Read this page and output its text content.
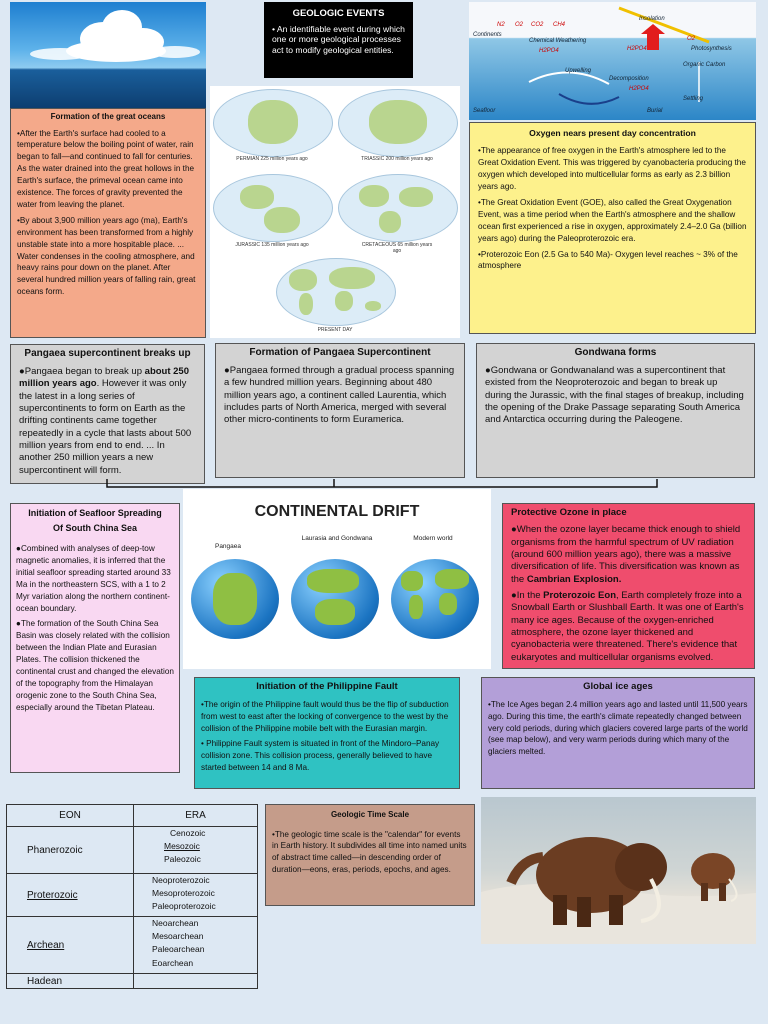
GEOLOGIC EVENTS

• An identifiable event during which one or more geological processes act to modify geological entities.

N2 O2 CO2 CH4
Insolation
Continents
Chemical Weathering
H2PO4	H2PO4
O2
Photosynthesis
Organic Carbon
Upwelling
Decomposition
Seafloor	Burial
Settling
H2PO4
PERMIAN 225 million years ago	TRIASSIC 200 million years ago
JURASSIC 135 million years ago	CRETACEOUS 65 million years ago
PRESENT DAY
Formation of the great oceans

•After the Earth's surface had cooled to a temperature below the boiling point of water, rain began to fall—and continued to fall for centuries. As the water drained into the great hollows in the Earth's surface, the primeval ocean came into existence. The forces of gravity prevented the water from leaving the planet.

•By about 3,900 million years ago (ma), Earth's environment has been transformed from a highly unstable state into a more hospitable place. ... Water condenses in the cooling atmosphere, and heavy rains pour down on the planet. After several hundred million years of falling rain, great oceans form.

Oxygen nears present day concentration

•The appearance of free oxygen in the Earth's atmosphere led to the Great Oxidation Event. This was triggered by cyanobacteria producing the oxygen which developed into multicellular forms as early as 2.3 billion years ago.

•The Great Oxidation Event (GOE), also called the Great Oxygenation Event, was a time period when the Earth's atmosphere and the shallow ocean first experienced a rise in oxygen, approximately 2.4–2.0 Ga (billion years ago) during the Paleoproterozoic era.

•Proterozoic Eon (2.5 Ga to 540 Ma)- Oxygen level reaches ~ 3% of the atmosphere

Pangaea supercontinent breaks up

●Pangaea began to break up about 250 million years ago. However it was only the latest in a long series of supercontinents to form on Earth as the drifting continents came together repeatedly in a cycle that lasts about 500 million years from end to end. ... In another 250 million years a new supercontinent will form.

Formation of Pangaea Supercontinent

●Pangaea formed through a gradual process spanning a few hundred million years. Beginning about 480 million years ago, a continent called Laurentia, which includes parts of North America, merged with several other micro-continents to form Euramerica.

Gondwana forms

●Gondwana or Gondwanaland was a supercontinent that existed from the Neoproterozoic and began to break up during the Jurassic, with the final stages of breakup, including the opening of the Drake Passage separating South America and Antarctica occurring during the Paleogene.

Initiation of Seafloor Spreading
Of South China Sea

●Combined with analyses of deep-tow magnetic anomalies, it is inferred that the initial seafloor spreading started around 33 Ma in the northeastern SCS, with a 1 to 2 Myr variation along the northern continent-ocean boundary.

●The formation of the South China Sea Basin was closely related with the collision between the Indian Plate and Eurasian Plates. The collision thickened the continental crust and changed the elevation of the topography from the Himalayan orogenic zone to the South China Sea, especially around the Tibetan Plateau.

CONTINENTAL DRIFT
Pangaea
Laurasia and Gondwana	Modern world
Protective Ozone in place

●When the ozone layer became thick enough to shield organisms from the harmful spectrum of UV radiation (around 600 million years ago), there was a massive diversification of life. This diversification was known as the Cambrian Explosion.

●In the Proterozoic Eon, Earth completely froze into a Snowball Earth or Slushball Earth. It was one of Earth's many ice ages. Because of the oxygen-enriched atmosphere, the ozone layer thickened and cyanobacteria were threatened. There's evidence that eukaryotes and multicellular organisms evolved.

Initiation of the Philippine Fault

•The origin of the Philippine fault would thus be the flip of subduction from west to east after the locking of convergence to the west by the collision of the Philippine mobile belt with the Eurasian margin.

• Philippine Fault system is situated in front of the Mindoro–Panay collision zone. This collision process, generally believed to have started between 14 and 8 Ma.

Global ice ages

•The Ice Ages began 2.4 million years ago and lasted until 11,500 years ago. During this time, the earth's climate repeatedly changed between very cold periods, during which glaciers covered large parts of the world (see map below), and very warm periods during which many of the glaciers melted.

EON	ERA
Phanerozoic	Cenozoic
Mesozoic
Paleozoic

Proterozoic	Neoproterozoic
Mesoproterozoic
Paleoproterozoic

Archean	Neoarchean
Mesoarchean
Paleoarchean
Eoarchean

Hadean	
Geologic Time Scale

•The geologic time scale is the "calendar" for events in Earth history. It subdivides all time into named units of abstract time called—in descending order of duration—eons, eras, periods, epochs, and ages.
